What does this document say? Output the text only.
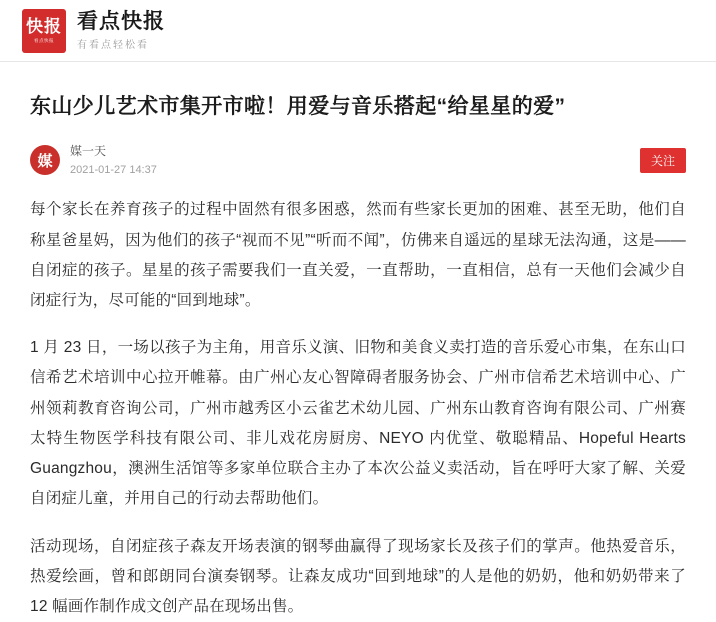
快报
看点快报
看点快报
有看点轻松看
东山少儿艺术市集开市啦！用爱与音乐搭起“给星星的爱”
媒
媒一天
2021-01-27 14:37
关注

每个家长在养育孩子的过程中固然有很多困惑，然而有些家长更加的困难、甚至无助，他们自称星爸星妈，因为他们的孩子“视而不见”“听而不闻”，仿佛来自遥远的星球无法沟通，这是——自闭症的孩子。星星的孩子需要我们一直关爱，一直帮助，一直相信，总有一天他们会减少自闭症行为，尽可能的“回到地球”。

1 月 23 日，一场以孩子为主角，用音乐义演、旧物和美食义卖打造的音乐爱心市集，在东山口信希艺术培训中心拉开帷幕。由广州心友心智障碍者服务协会、广州市信希艺术培训中心、广州领莉教育咨询公司，广州市越秀区小云雀艺术幼儿园、广州东山教育咨询有限公司、广州赛太特生物医学科技有限公司、非儿戏花房厨房、NEYO 内优堂、敬聪精品、Hopeful Hearts Guangzhou，澳洲生活馆等多家单位联合主办了本次公益义卖活动，旨在呼吁大家了解、关爱自闭症儿童，并用自己的行动去帮助他们。

活动现场，自闭症孩子森友开场表演的钢琴曲赢得了现场家长及孩子们的掌声。他热爱音乐，热爱绘画，曾和郎朗同台演奏钢琴。让森友成功“回到地球”的人是他的奶奶，他和奶奶带来了 12 幅画作制作成文创产品在现场出售。
